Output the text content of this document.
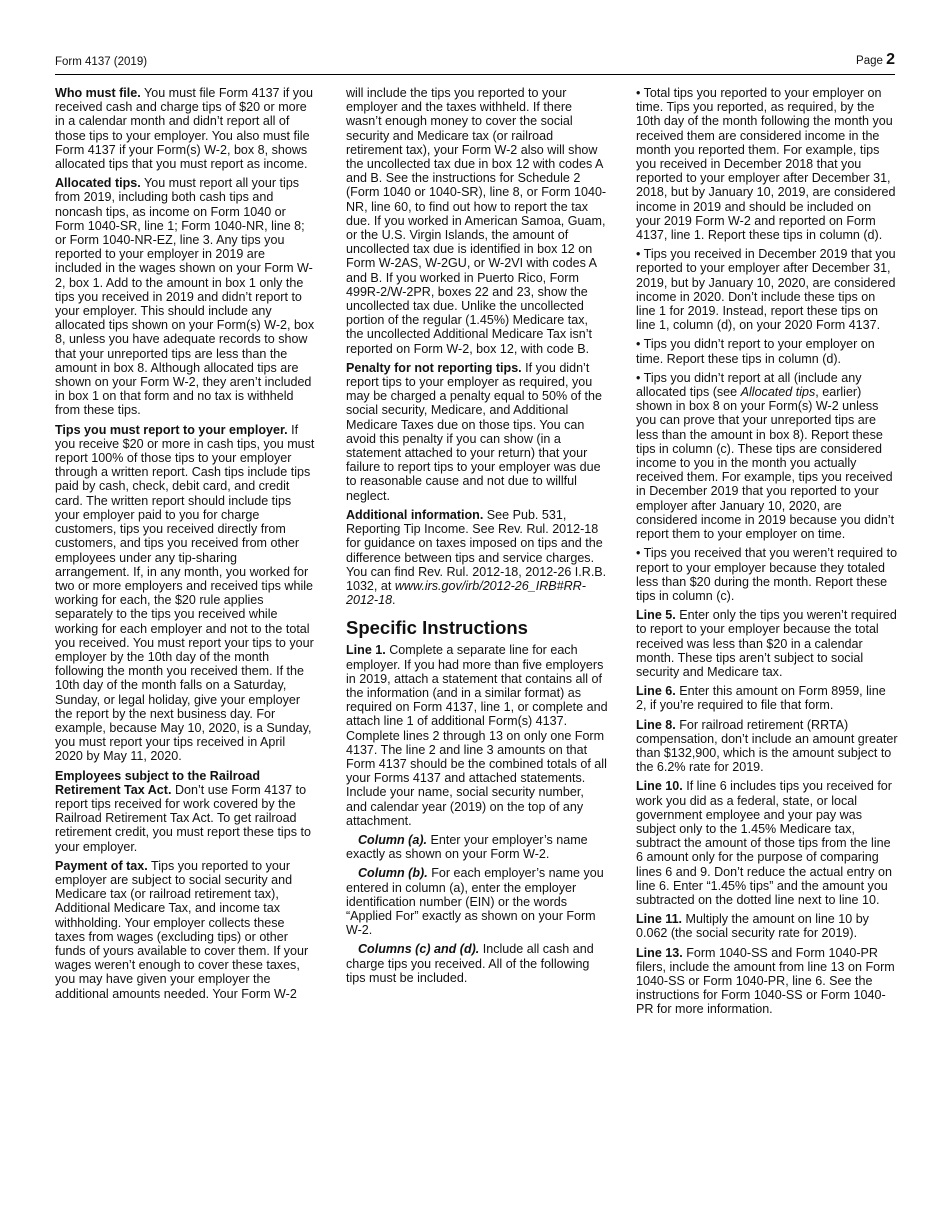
Form 4137 (2019)	Page 2

Who must file. You must file Form 4137 if you received cash and charge tips of $20 or more in a calendar month and didn’t report all of those tips to your employer. You also must file Form 4137 if your Form(s) W-2, box 8, shows allocated tips that you must report as income.

Allocated tips. You must report all your tips from 2019, including both cash tips and noncash tips, as income on Form 1040 or Form 1040-SR, line 1; Form 1040-NR, line 8; or Form 1040-NR-EZ, line 3. Any tips you reported to your employer in 2019 are included in the wages shown on your Form W-2, box 1. Add to the amount in box 1 only the tips you received in 2019 and didn’t report to your employer. This should include any allocated tips shown on your Form(s) W-2, box 8, unless you have adequate records to show that your unreported tips are less than the amount in box 8. Although allocated tips are shown on your Form W-2, they aren’t included in box 1 on that form and no tax is withheld from these tips.

Tips you must report to your employer. If you receive $20 or more in cash tips, you must report 100% of those tips to your employer through a written report. Cash tips include tips paid by cash, check, debit card, and credit card. The written report should include tips your employer paid to you for charge customers, tips you received directly from customers, and tips you received from other employees under any tip-sharing arrangement. If, in any month, you worked for two or more employers and received tips while working for each, the $20 rule applies separately to the tips you received while working for each employer and not to the total you received. You must report your tips to your employer by the 10th day of the month following the month you received them. If the 10th day of the month falls on a Saturday, Sunday, or legal holiday, give your employer the report by the next business day. For example, because May 10, 2020, is a Sunday, you must report your tips received in April 2020 by May 11, 2020.

Employees subject to the Railroad Retirement Tax Act. Don’t use Form 4137 to report tips received for work covered by the Railroad Retirement Tax Act. To get railroad retirement credit, you must report these tips to your employer.

Payment of tax. Tips you reported to your employer are subject to social security and Medicare tax (or railroad retirement tax), Additional Medicare Tax, and income tax withholding. Your employer collects these taxes from wages (excluding tips) or other funds of yours available to cover them. If your wages weren’t enough to cover these taxes, you may have given your employer the additional amounts needed. Your Form W-2

will include the tips you reported to your employer and the taxes withheld. If there wasn’t enough money to cover the social security and Medicare tax (or railroad retirement tax), your Form W-2 also will show the uncollected tax due in box 12 with codes A and B. See the instructions for Schedule 2 (Form 1040 or 1040-SR), line 8, or Form 1040-NR, line 60, to find out how to report the tax due. If you worked in American Samoa, Guam, or the U.S. Virgin Islands, the amount of uncollected tax due is identified in box 12 on Form W-2AS, W-2GU, or W-2VI with codes A and B. If you worked in Puerto Rico, Form 499R-2/W-2PR, boxes 22 and 23, show the uncollected tax due. Unlike the uncollected portion of the regular (1.45%) Medicare tax, the uncollected Additional Medicare Tax isn’t reported on Form W-2, box 12, with code B.

Penalty for not reporting tips. If you didn’t report tips to your employer as required, you may be charged a penalty equal to 50% of the social security, Medicare, and Additional Medicare Taxes due on those tips. You can avoid this penalty if you can show (in a statement attached to your return) that your failure to report tips to your employer was due to reasonable cause and not due to willful neglect.

Additional information. See Pub. 531, Reporting Tip Income. See Rev. Rul. 2012-18 for guidance on taxes imposed on tips and the difference between tips and service charges. You can find Rev. Rul. 2012-18, 2012-26 I.R.B. 1032, at www.irs.gov/irb/2012-26_IRB#RR-2012-18.

Specific Instructions

Line 1. Complete a separate line for each employer. If you had more than five employers in 2019, attach a statement that contains all of the information (and in a similar format) as required on Form 4137, line 1, or complete and attach line 1 of additional Form(s) 4137. Complete lines 2 through 13 on only one Form 4137. The line 2 and line 3 amounts on that Form 4137 should be the combined totals of all your Forms 4137 and attached statements. Include your name, social security number, and calendar year (2019) on the top of any attachment.

Column (a). Enter your employer’s name exactly as shown on your Form W-2.

Column (b). For each employer’s name you entered in column (a), enter the employer identification number (EIN) or the words “Applied For” exactly as shown on your Form W-2.

Columns (c) and (d). Include all cash and charge tips you received. All of the following tips must be included.

• Total tips you reported to your employer on time. Tips you reported, as required, by the 10th day of the month following the month you received them are considered income in the month you reported them. For example, tips you received in December 2018 that you reported to your employer after December 31, 2018, but by January 10, 2019, are considered income in 2019 and should be included on your 2019 Form W-2 and reported on Form 4137, line 1. Report these tips in column (d).

• Tips you received in December 2019 that you reported to your employer after December 31, 2019, but by January 10, 2020, are considered income in 2020. Don’t include these tips on line 1 for 2019. Instead, report these tips on line 1, column (d), on your 2020 Form 4137.

• Tips you didn’t report to your employer on time. Report these tips in column (d).

• Tips you didn’t report at all (include any allocated tips (see Allocated tips, earlier) shown in box 8 on your Form(s) W-2 unless you can prove that your unreported tips are less than the amount in box 8). Report these tips in column (c). These tips are considered income to you in the month you actually received them. For example, tips you received in December 2019 that you reported to your employer after January 10, 2020, are considered income in 2019 because you didn’t report them to your employer on time.

• Tips you received that you weren’t required to report to your employer because they totaled less than $20 during the month. Report these tips in column (c).

Line 5. Enter only the tips you weren’t required to report to your employer because the total received was less than $20 in a calendar month. These tips aren’t subject to social security and Medicare tax.

Line 6. Enter this amount on Form 8959, line 2, if you’re required to file that form.

Line 8. For railroad retirement (RRTA) compensation, don’t include an amount greater than $132,900, which is the amount subject to the 6.2% rate for 2019.

Line 10. If line 6 includes tips you received for work you did as a federal, state, or local government employee and your pay was subject only to the 1.45% Medicare tax, subtract the amount of those tips from the line 6 amount only for the purpose of comparing lines 6 and 9. Don’t reduce the actual entry on line 6. Enter “1.45% tips” and the amount you subtracted on the dotted line next to line 10.

Line 11. Multiply the amount on line 10 by 0.062 (the social security rate for 2019).

Line 13. Form 1040-SS and Form 1040-PR filers, include the amount from line 13 on Form 1040-SS or Form 1040-PR, line 6. See the instructions for Form 1040-SS or Form 1040-PR for more information.
